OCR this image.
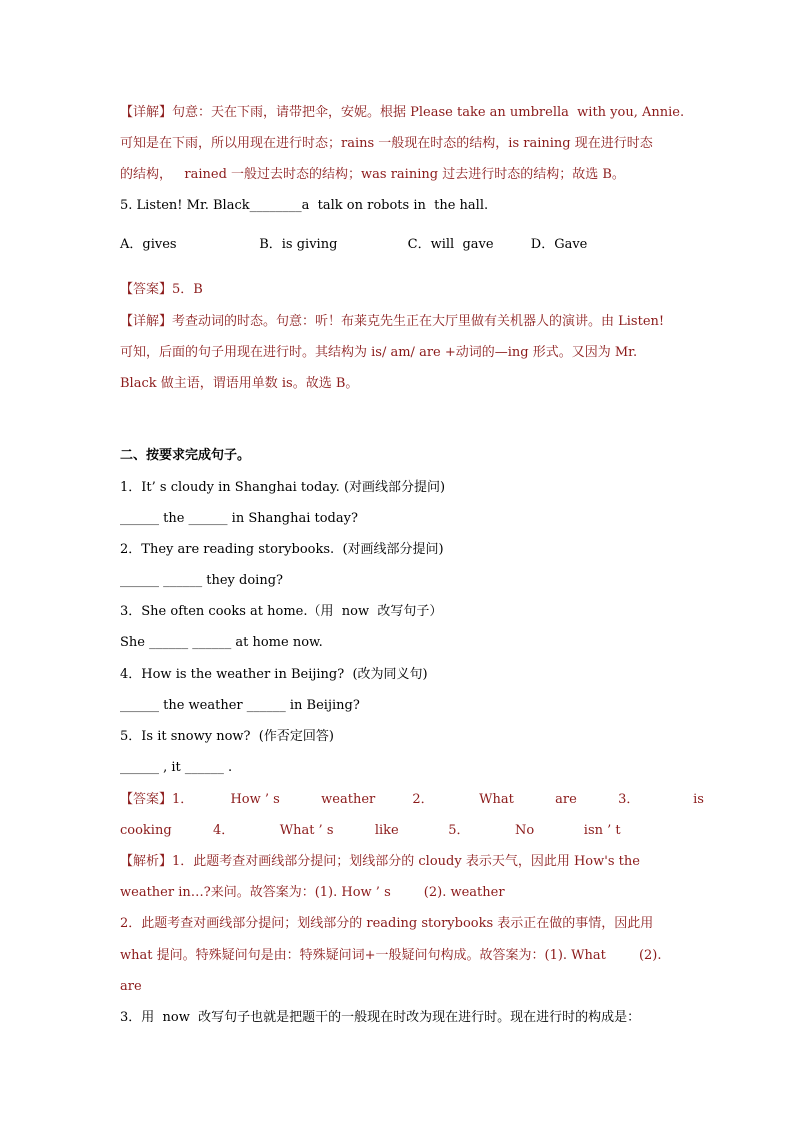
【详解】句意：天在下雨，请带把伞，安妮。根据 Please take an umbrella  with you, Annie.
可知是在下雨，所以用现在进行时态；rains 一般现在时态的结构，is raining 现在进行时态
的结构，   rained 一般过去时态的结构；was raining 过去进行时态的结构；故选 B。
5. Listen! Mr. Black________a  talk on robots in  the hall.
A．gives                    B．is giving                 C．will  gave         D．Gave
【答案】5．B
【详解】考查动词的时态。句意：听！布莱克先生正在大厅里做有关机器人的演讲。由 Listen!
可知，后面的句子用现在进行时。其结构为 is/ am/ are +动词的—ing 形式。又因为 Mr.
Black 做主语，谓语用单数 is。故选 B。
二、按要求完成句子。
1．It’ s cloudy in Shanghai today. (对画线部分提问)
______ the ______ in Shanghai today?
2．They are reading storybooks.  (对画线部分提问)
______ ______ they doing?
3．She often cooks at home.（用  now  改写句子）
She ______ ______ at home now.
4．How is the weather in Beijing?  (改为同义句)
______ the weather ______ in Beijing?
5．Is it snowy now?  (作否定回答)
______ , it ______ .
【答案】1．         How ’ s          weather         2．           What          are          3．             is
cooking          4．           What ’ s          like            5．           No            isn ’ t
【解析】1．此题考查对画线部分提问；划线部分的 cloudy 表示天气，因此用 How's the
weather in…?来问。故答案为：(1). How ’ s        (2). weather
2．此题考查对画线部分提问；划线部分的 reading storybooks 表示正在做的事情，因此用
what 提问。特殊疑问句是由：特殊疑问词+一般疑问句构成。故答案为：(1). What        (2).
are
3．用  now  改写句子也就是把题干的一般现在时改为现在进行时。现在进行时的构成是：
